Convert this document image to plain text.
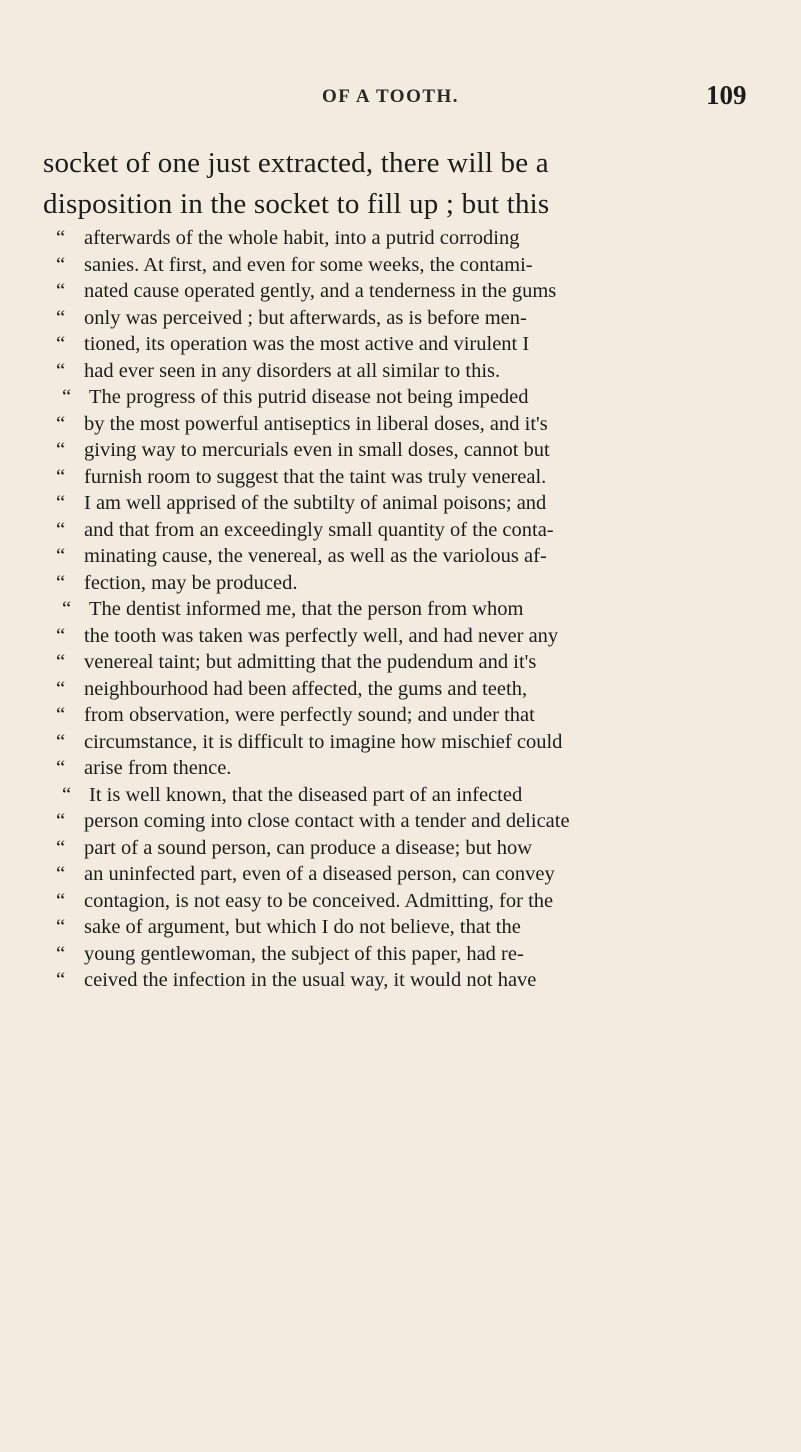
OF A TOOTH.	109
socket of one just extracted, there will be a
disposition in the socket to fill up ; but this
“ afterwards of the whole habit, into a putrid corroding
“ sanies. At first, and even for some weeks, the contami-
“ nated cause operated gently, and a tenderness in the gums
“ only was perceived ; but afterwards, as is before men-
“ tioned, its operation was the most active and virulent I
“ had ever seen in any disorders at all similar to this.
“ The progress of this putrid disease not being impeded
“ by the most powerful antiseptics in liberal doses, and it's
“ giving way to mercurials even in small doses, cannot but
“ furnish room to suggest that the taint was truly venereal.
“ I am well apprised of the subtilty of animal poisons; and
“ and that from an exceedingly small quantity of the conta-
“ minating cause, the venereal, as well as the variolous af-
“ fection, may be produced.
“ The dentist informed me, that the person from whom
“ the tooth was taken was perfectly well, and had never any
“ venereal taint; but admitting that the pudendum and it's
“ neighbourhood had been affected, the gums and teeth,
“ from observation, were perfectly sound; and under that
“ circumstance, it is difficult to imagine how mischief could
“ arise from thence.
“ It is well known, that the diseased part of an infected
“ person coming into close contact with a tender and delicate
“ part of a sound person, can produce a disease; but how
“ an uninfected part, even of a diseased person, can convey
“ contagion, is not easy to be conceived. Admitting, for the
“ sake of argument, but which I do not believe, that the
“ young gentlewoman, the subject of this paper, had re-
“ ceived the infection in the usual way, it would not have
